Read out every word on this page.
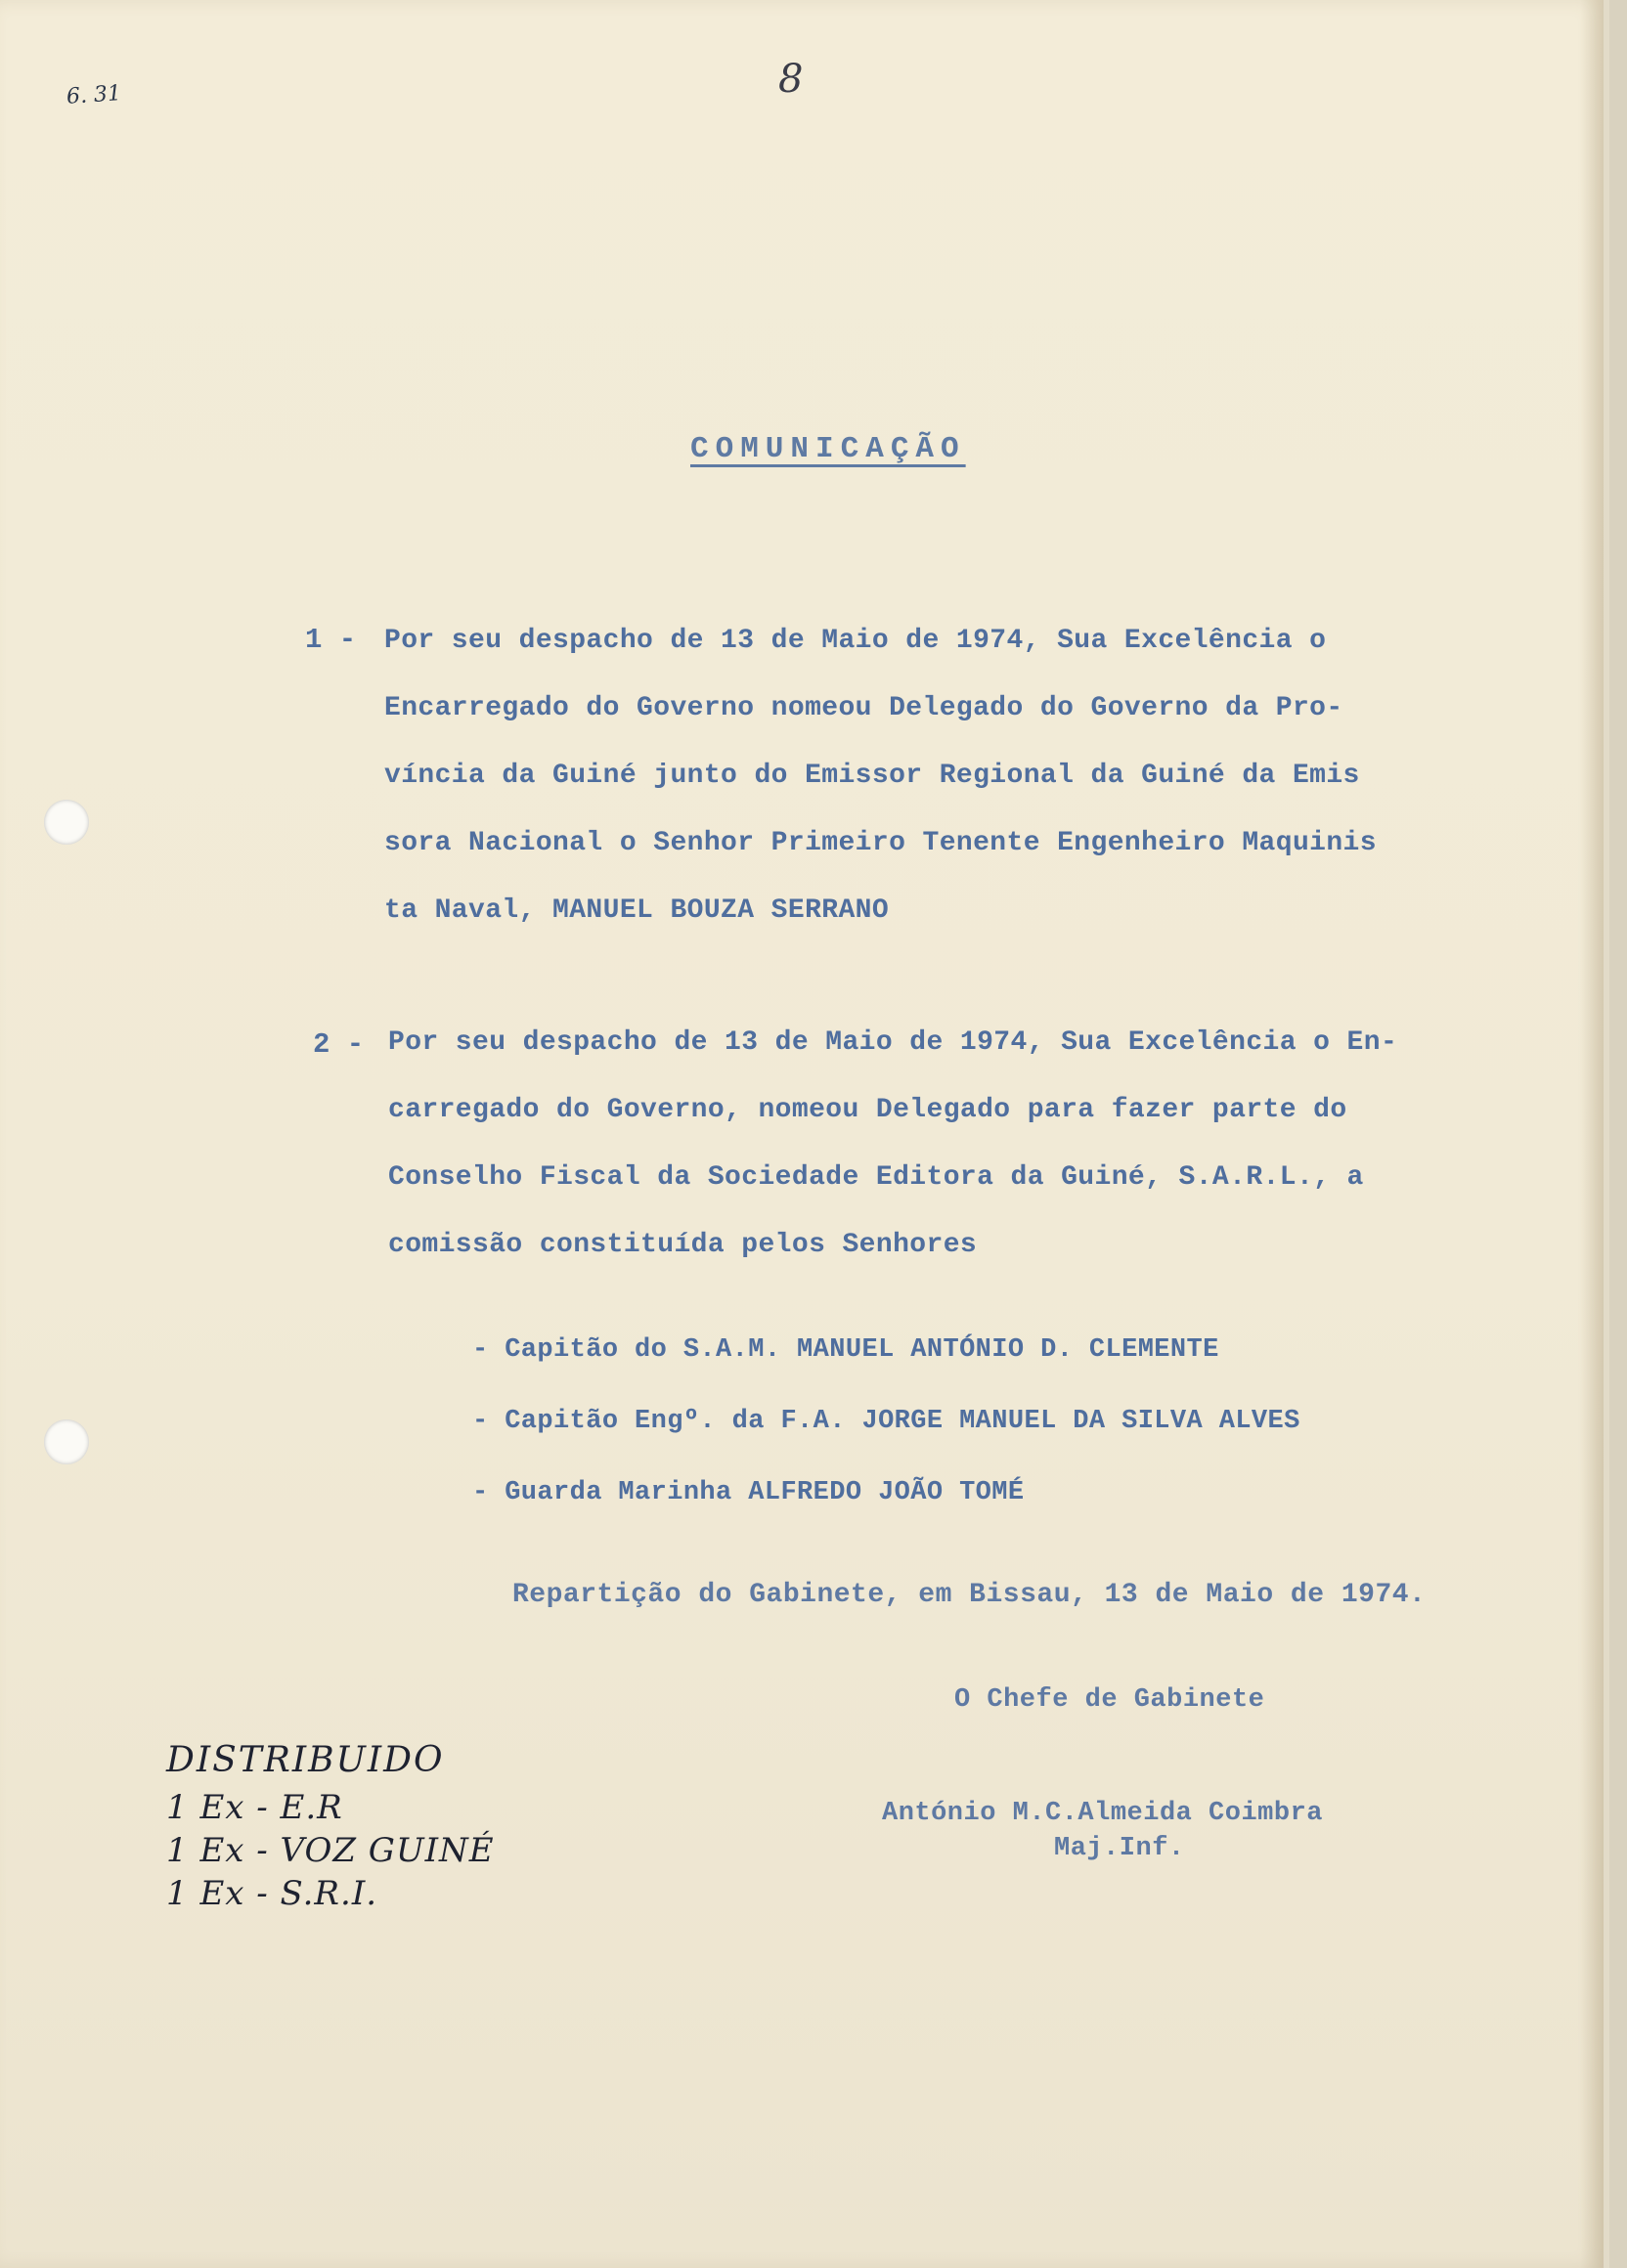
6. 31	8
COMUNICAÇÃO
1 - Por seu despacho de 13 de Maio de 1974, Sua Excelência o
Encarregado do Governo nomeou Delegado do Governo da Pro-
víncia da Guiné junto do Emissor Regional da Guiné da Emis
sora Nacional o Senhor Primeiro Tenente Engenheiro Maquinis
ta Naval, MANUEL BOUZA SERRANO
2 - Por seu despacho de 13 de Maio de 1974, Sua Excelência o En-
carregado do Governo, nomeou Delegado para fazer parte do
Conselho Fiscal da Sociedade Editora da Guiné, S.A.R.L., a
comissão constituída pelos Senhores
- Capitão do S.A.M. MANUEL ANTÓNIO D. CLEMENTE
- Capitão Engº. da F.A. JORGE MANUEL DA SILVA ALVES
- Guarda Marinha ALFREDO JOÃO TOMÉ
Repartição do Gabinete, em Bissau, 13 de Maio de 1974.
O Chefe de Gabinete
António M.C.Almeida Coimbra
Maj.Inf.
DISTRIBUIDO
1 Ex - E.R
1 Ex - VOZ GUINÉ
1 Ex - S.R.I.
